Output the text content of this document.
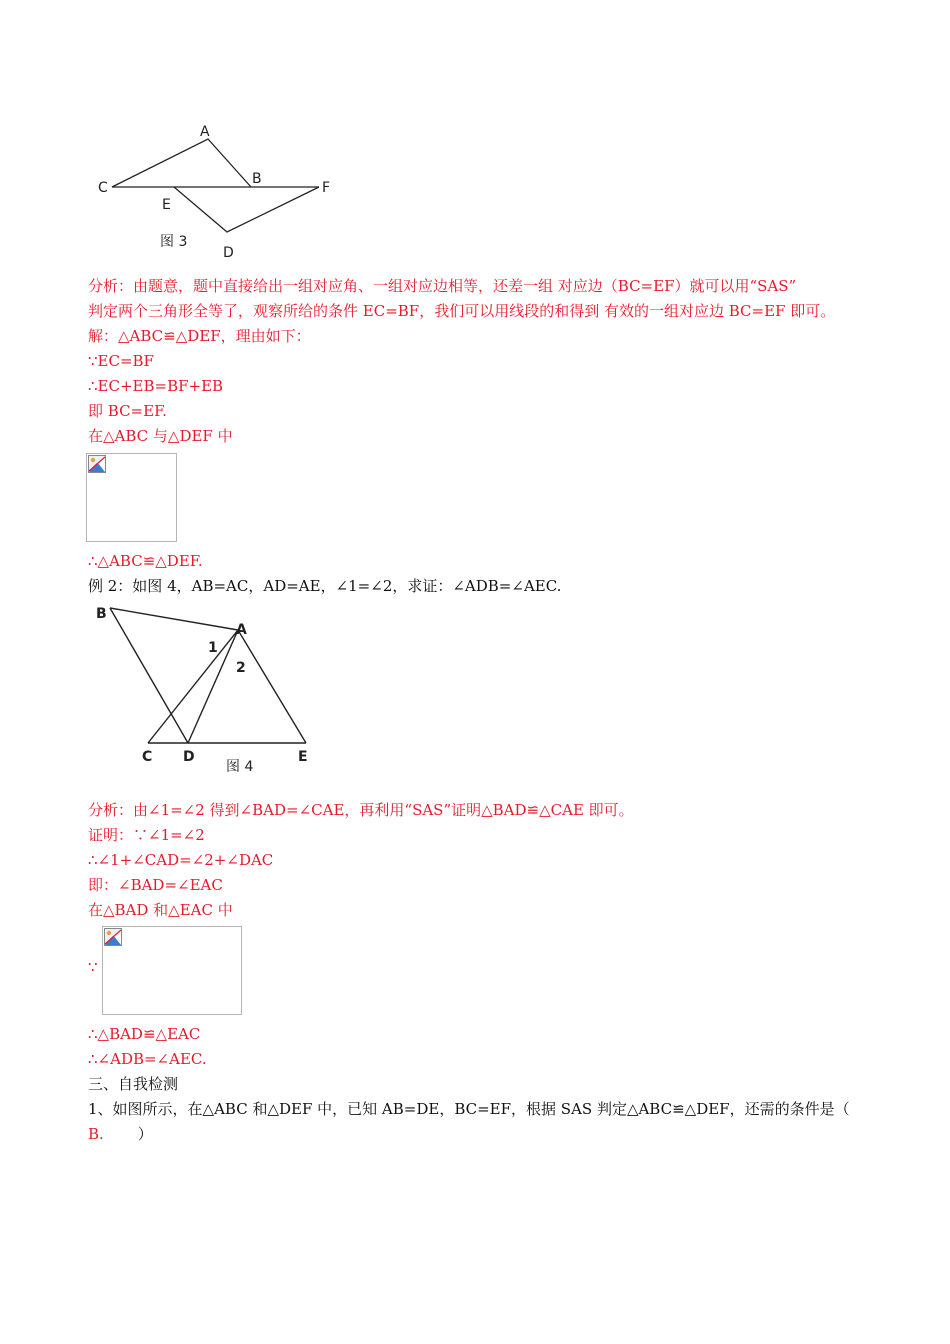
A
B
C	F
E
D
图 3
分析：由题意，题中直接给出一组对应角、一组对应边相等，还差一组 对应边（BC=EF）就可以用“SAS”
判定两个三角形全等了，观察所给的条件 EC=BF，我们可以用线段的和得到 有效的一组对应边 BC=EF 即可。
解：△ABC≌△DEF，理由如下：
∵EC=BF
∴EC+EB=BF+EB
即 BC=EF.
在△ABC 与△DEF 中
∴△ABC≌△DEF.
例 2：如图 4，AB=AC，AD=AE，∠1=∠2，求证：∠ADB=∠AEC.
B
A
1
2
C D	E
图 4
分析：由∠1=∠2 得到∠BAD=∠CAE，再利用“SAS”证明△BAD≌△CAE 即可。
证明：∵∠1=∠2
∴∠1+∠CAD=∠2+∠DAC
即：∠BAD=∠EAC
在△BAD 和△EAC 中
∵
∴△BAD≌△EAC
∴∠ADB=∠AEC.
三、自我检测
1、如图所示，在△ABC 和△DEF 中，已知 AB=DE，BC=EF，根据 SAS 判定△ABC≌△DEF，还需的条件是（
B. ）
